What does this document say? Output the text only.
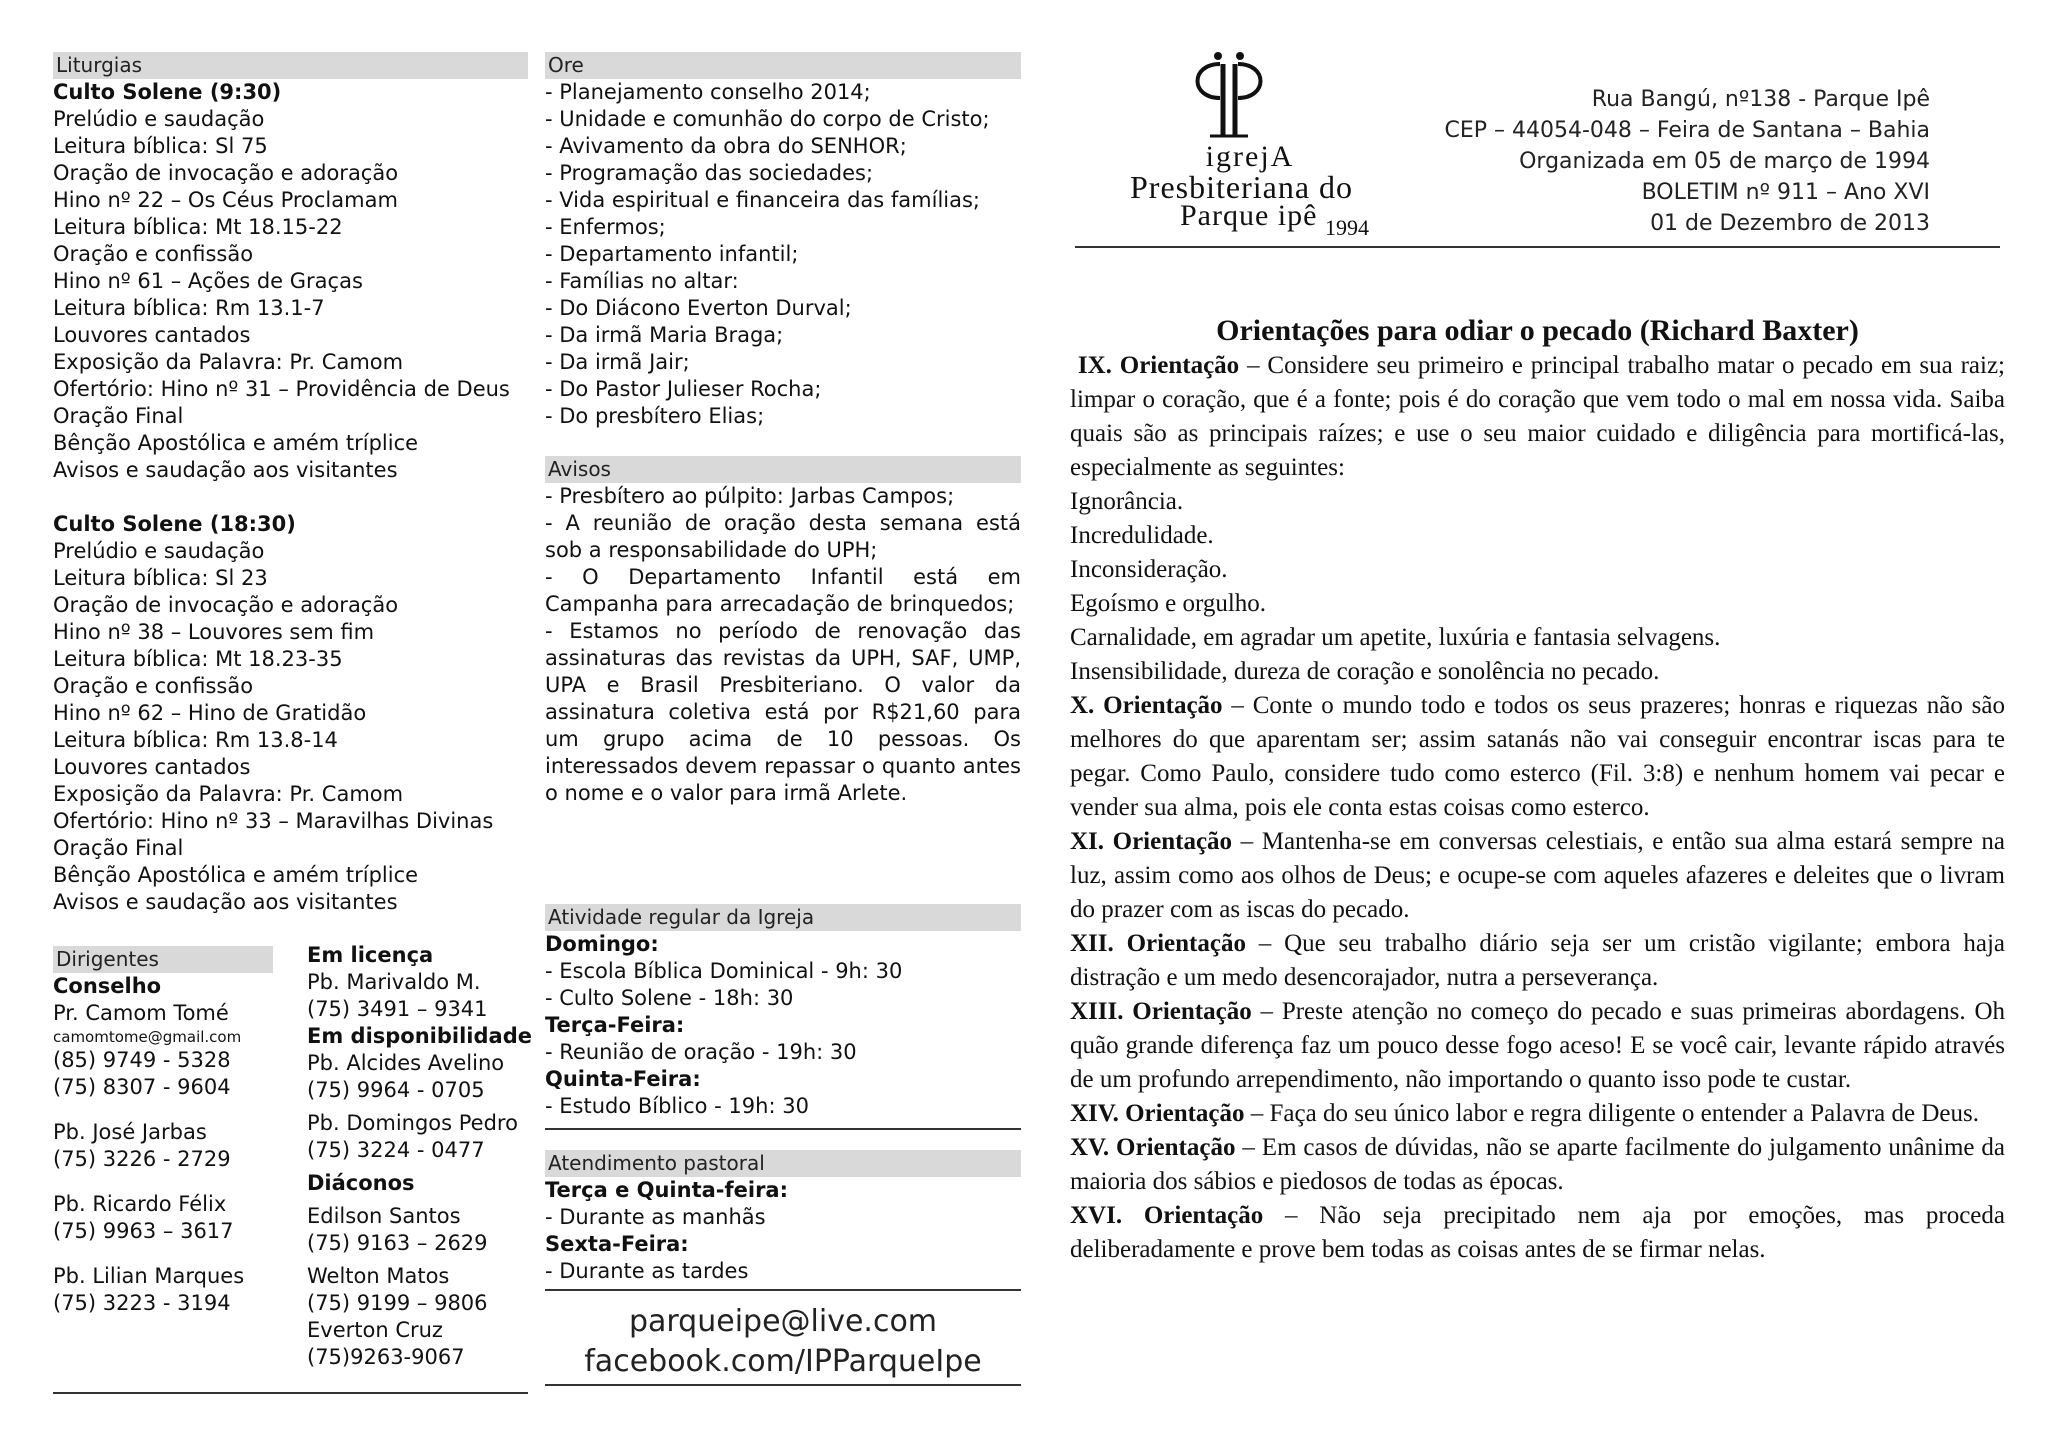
Liturgias
Culto Solene (9:30)
Prelúdio e saudação
Leitura bíblica: Sl 75
Oração de invocação e adoração
Hino nº 22 – Os Céus Proclamam
Leitura bíblica: Mt 18.15-22
Oração e confissão
Hino nº 61 – Ações de Graças
Leitura bíblica: Rm 13.1-7
Louvores cantados
Exposição da Palavra: Pr. Camom
Ofertório: Hino nº 31 – Providência de Deus
Oração Final
Bênção Apostólica e amém tríplice
Avisos e saudação aos visitantes
Culto Solene (18:30)
Prelúdio e saudação
Leitura bíblica: Sl 23
Oração de invocação e adoração
Hino nº 38 – Louvores sem fim
Leitura bíblica: Mt 18.23-35
Oração e confissão
Hino nº 62 – Hino de Gratidão
Leitura bíblica: Rm 13.8-14
Louvores cantados
Exposição da Palavra: Pr. Camom
Ofertório: Hino nº 33 – Maravilhas Divinas
Oração Final
Bênção Apostólica e amém tríplice
Avisos e saudação aos visitantes
Dirigentes
Conselho
Pr. Camom Tomé
camomtome@gmail.com
(85) 9749 - 5328
(75) 8307 - 9604
Pb. José Jarbas
(75) 3226 - 2729
Pb. Ricardo Félix
(75) 9963 – 3617
Pb. Lilian Marques
(75) 3223 - 3194
Em licença
Pb. Marivaldo M.
(75) 3491 – 9341
Em disponibilidade
Pb. Alcides Avelino
(75) 9964 - 0705
Pb. Domingos Pedro
(75) 3224 - 0477
Diáconos
Edilson Santos
(75) 9163 – 2629
Welton Matos
(75) 9199 – 9806
Everton Cruz
(75)9263-9067
Ore
- Planejamento conselho 2014;
- Unidade e comunhão do corpo de Cristo;
- Avivamento da obra do SENHOR;
- Programação das sociedades;
- Vida espiritual e financeira das famílias;
- Enfermos;
- Departamento infantil;
- Famílias no altar:
- Do Diácono Everton Durval;
- Da irmã Maria Braga;
- Da irmã Jair;
- Do Pastor Julieser Rocha;
- Do presbítero Elias;
Avisos
- Presbítero ao púlpito: Jarbas Campos;
- A reunião de oração desta semana está sob a responsabilidade do UPH;
- O Departamento Infantil está em Campanha para arrecadação de brinquedos;
- Estamos no período de renovação das assinaturas das revistas da UPH, SAF, UMP, UPA e Brasil Presbiteriano. O valor da assinatura coletiva está por R$21,60 para um grupo acima de 10 pessoas. Os interessados devem repassar o quanto antes o nome e o valor para irmã Arlete.
Atividade regular da Igreja
Domingo:
- Escola Bíblica Dominical - 9h: 30
- Culto Solene - 18h: 30
Terça-Feira:
- Reunião de oração - 19h: 30
Quinta-Feira:
- Estudo Bíblico - 19h: 30
Atendimento pastoral
Terça e Quinta-feira:
- Durante as manhãs
Sexta-Feira:
- Durante as tardes
parqueipe@live.com
facebook.com/IPParqueIpe
igrejA
Presbiteriana do
Parque ipê 1994
Rua Bangú, nº138 - Parque Ipê
CEP – 44054-048 – Feira de Santana – Bahia
Organizada em 05 de março de 1994
BOLETIM nº 911 – Ano XVI
01 de Dezembro de 2013
Orientações para odiar o pecado (Richard Baxter)

IX. Orientação – Considere seu primeiro e principal trabalho matar o pecado em sua raiz; limpar o coração, que é a fonte; pois é do coração que vem todo o mal em nossa vida. Saiba quais são as principais raízes; e use o seu maior cuidado e diligência para mortificá-las, especialmente as seguintes:

Ignorância.
Incredulidade.
Inconsideração.
Egoísmo e orgulho.
Carnalidade, em agradar um apetite, luxúria e fantasia selvagens.
Insensibilidade, dureza de coração e sonolência no pecado.

X. Orientação – Conte o mundo todo e todos os seus prazeres; honras e riquezas não são melhores do que aparentam ser; assim satanás não vai conseguir encontrar iscas para te pegar. Como Paulo, considere tudo como esterco (Fil. 3:8) e nenhum homem vai pecar e vender sua alma, pois ele conta estas coisas como esterco.

XI. Orientação – Mantenha-se em conversas celestiais, e então sua alma estará sempre na luz, assim como aos olhos de Deus; e ocupe-se com aqueles afazeres e deleites que o livram do prazer com as iscas do pecado.

XII. Orientação – Que seu trabalho diário seja ser um cristão vigilante; embora haja distração e um medo desencorajador, nutra a perseverança.

XIII. Orientação – Preste atenção no começo do pecado e suas primeiras abordagens. Oh quão grande diferença faz um pouco desse fogo aceso! E se você cair, levante rápido através de um profundo arrependimento, não importando o quanto isso pode te custar.

XIV. Orientação – Faça do seu único labor e regra diligente o entender a Palavra de Deus.

XV. Orientação – Em casos de dúvidas, não se aparte facilmente do julgamento unânime da maioria dos sábios e piedosos de todas as épocas.

XVI. Orientação – Não seja precipitado nem aja por emoções, mas proceda deliberadamente e prove bem todas as coisas antes de se firmar nelas.
